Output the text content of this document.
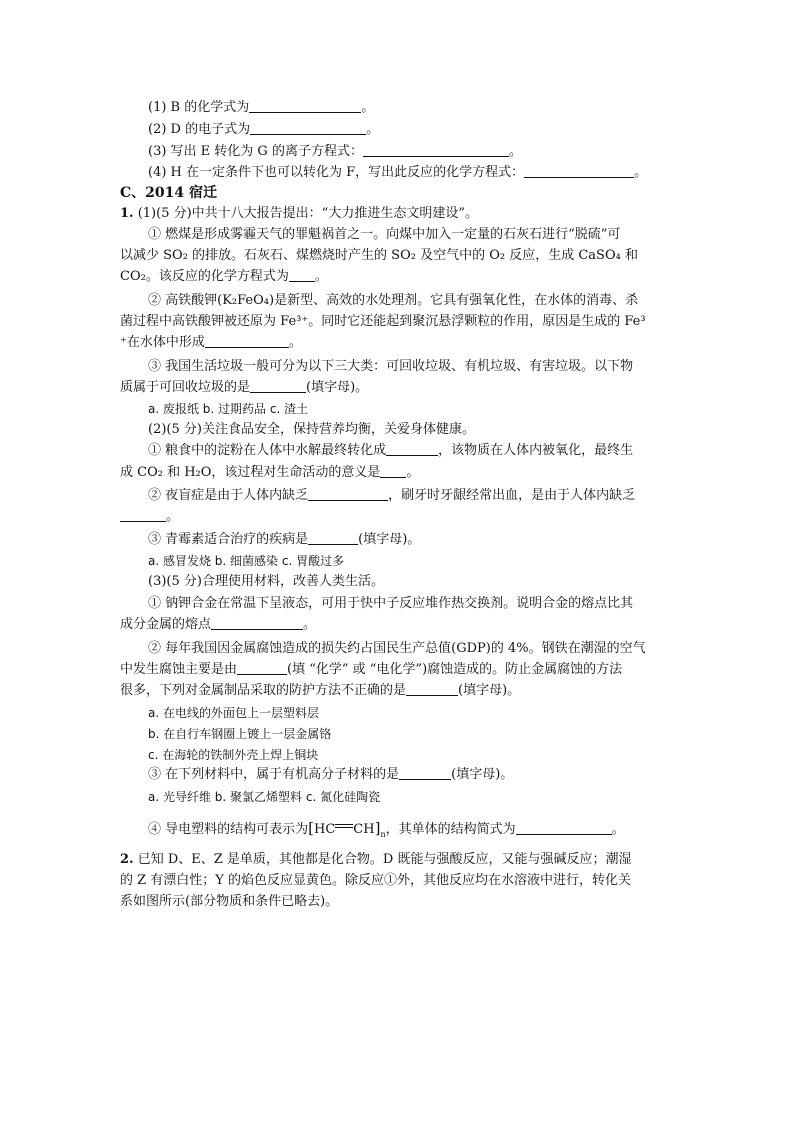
(1) B 的化学式为	。
(2) D 的电子式为	。
(3) 写出 E 转化为 G 的离子方程式：	。
(4) H 在一定条件下也可以转化为 F，写出此反应的化学方程式：	。
C、2014 宿迁
1. (1)(5 分)中共十八大报告提出：“大力推进生态文明建设”。
① 燃煤是形成雾霾天气的罪魁祸首之一。向煤中加入一定量的石灰石进行“脱硫”可
以减少 SO₂ 的排放。石灰石、煤燃烧时产生的 SO₂ 及空气中的 O₂ 反应，生成 CaSO₄ 和
CO₂。该反应的化学方程式为 。
② 高铁酸钾(K₂FeO₄)是新型、高效的水处理剂。它具有强氧化性，在水体的消毒、杀
菌过程中高铁酸钾被还原为 Fe³⁺。同时它还能起到聚沉悬浮颗粒的作用，原因是生成的 Fe³
⁺在水体中形成	。
③ 我国生活垃圾一般可分为以下三大类：可回收垃圾、有机垃圾、有害垃圾。以下物
质属于可回收垃圾的是	(填字母)。
a. 废报纸 b. 过期药品 c. 渣土
(2)(5 分)关注食品安全，保持营养均衡，关爱身体健康。
① 粮食中的淀粉在人体中水解最终转化成	，该物质在人体内被氧化，最终生
成 CO₂ 和 H₂O，该过程对生命活动的意义是 。
② 夜盲症是由于人体内缺乏	，刷牙时牙龈经常出血，是由于人体内缺乏
。
③ 青霉素适合治疗的疾病是	(填字母)。
a. 感冒发烧 b. 细菌感染 c. 胃酸过多
(3)(5 分)合理使用材料，改善人类生活。
① 钠钾合金在常温下呈液态，可用于快中子反应堆作热交换剂。说明合金的熔点比其
成分金属的熔点	。
② 每年我国因金属腐蚀造成的损失约占国民生产总值(GDP)的 4%。钢铁在潮湿的空气
中发生腐蚀主要是由	(填 “化学” 或 “电化学”)腐蚀造成的。防止金属腐蚀的方法
很多，下列对金属制品采取的防护方法不正确的是	(填字母)。
a. 在电线的外面包上一层塑料层
b. 在自行车钢圈上镀上一层金属铬
c. 在海轮的铁制外壳上焊上铜块
③ 在下列材料中，属于有机高分子材料的是	(填字母)。
a. 光导纤维 b. 聚氯乙烯塑料 c. 氮化硅陶瓷
④ 导电塑料的结构可表示为[HC $CH]_n$，其单体的结构简式为	。
2. 已知 D、E、Z 是单质，其他都是化合物。D 既能与强酸反应，又能与强碱反应；潮湿
的 Z 有漂白性；Y 的焰色反应显黄色。除反应①外，其他反应均在水溶液中进行，转化关
系如图所示(部分物质和条件已略去)。
